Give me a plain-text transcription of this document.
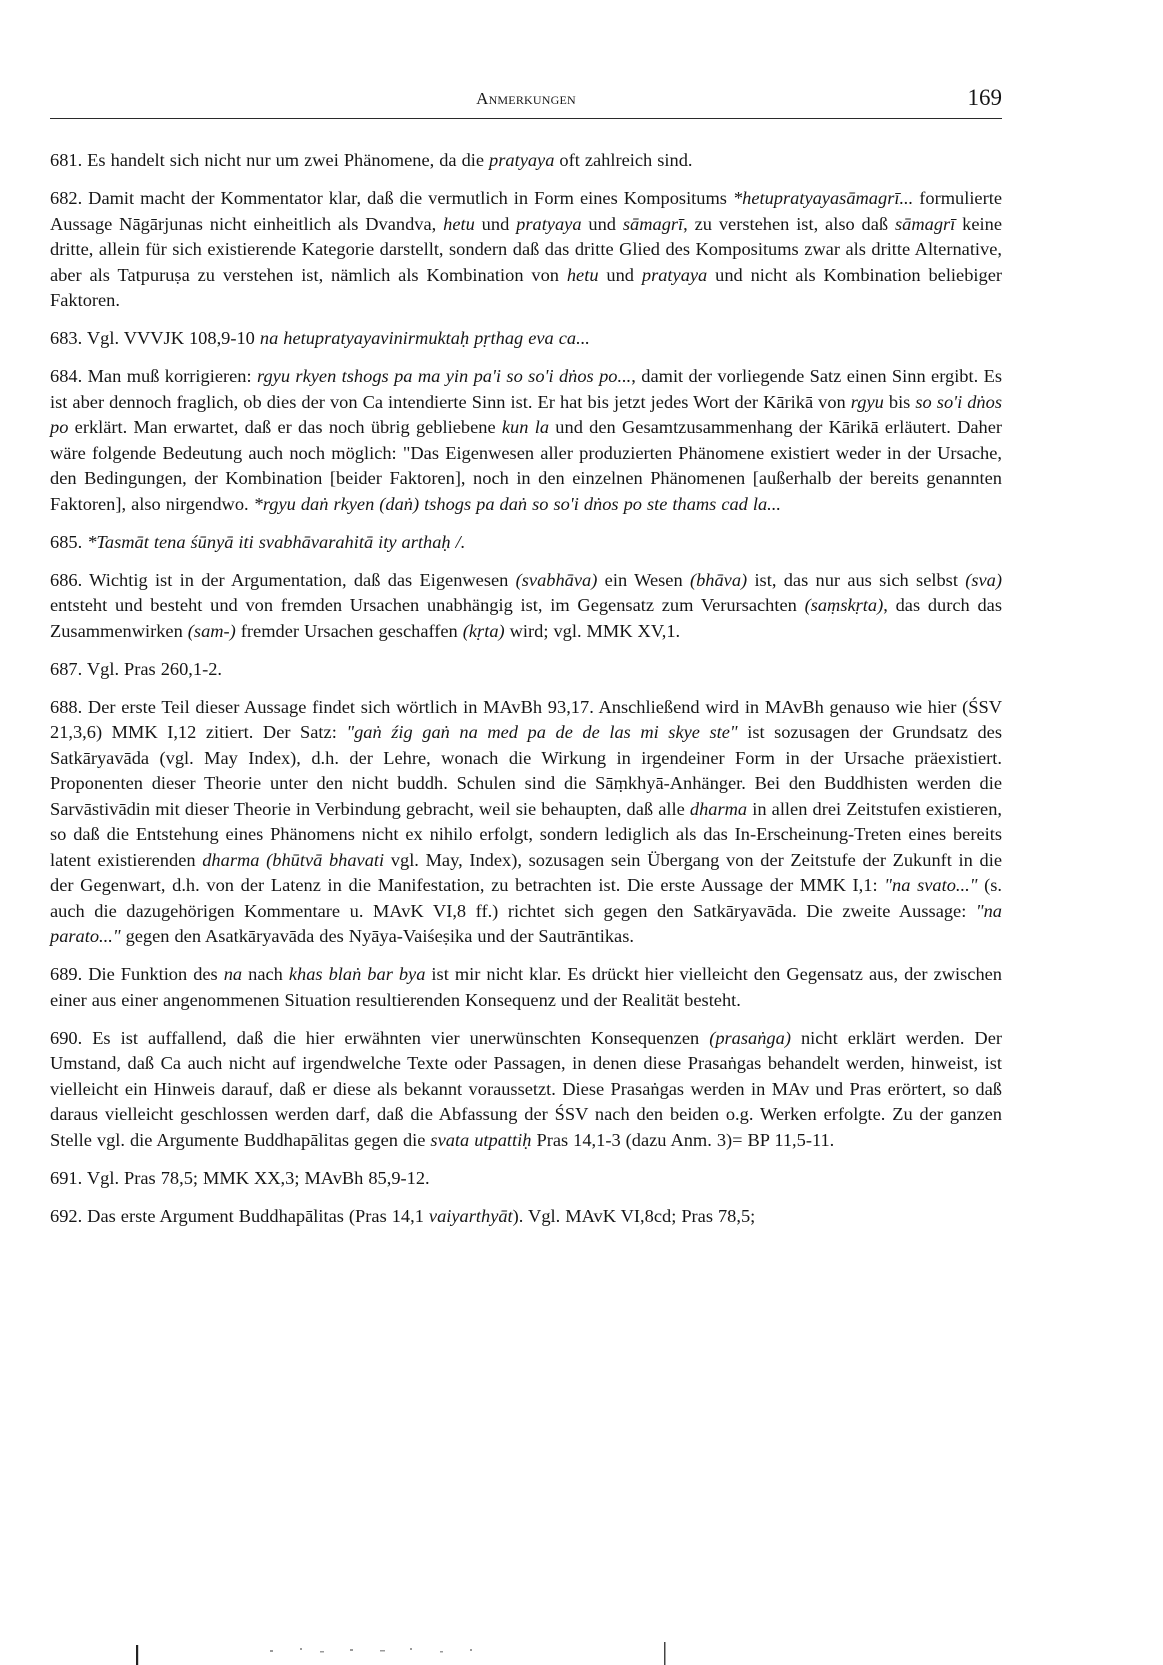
Anmerkungen	169

681. Es handelt sich nicht nur um zwei Phänomene, da die pratyaya oft zahlreich sind.

682. Damit macht der Kommentator klar, daß die vermutlich in Form eines Kompositums *hetupratyayasāmagrī... formulierte Aussage Nāgārjunas nicht einheitlich als Dvandva, hetu und pratyaya und sāmagrī, zu verstehen ist, also daß sāmagrī keine dritte, allein für sich existierende Kategorie darstellt, sondern daß das dritte Glied des Kompositums zwar als dritte Alternative, aber als Tatpuruṣa zu verstehen ist, nämlich als Kombination von hetu und pratyaya und nicht als Kombination beliebiger Faktoren.

683. Vgl. VVVJK 108,9-10 na hetupratyayavinirmuktaḥ pṛthag eva ca...

684. Man muß korrigieren: rgyu rkyen tshogs pa ma yin pa'i so so'i dṅos po..., damit der vorliegende Satz einen Sinn ergibt. Es ist aber dennoch fraglich, ob dies der von Ca intendierte Sinn ist. Er hat bis jetzt jedes Wort der Kārikā von rgyu bis so so'i dṅos po erklärt. Man erwartet, daß er das noch übrig gebliebene kun la und den Gesamtzusammenhang der Kārikā erläutert. Daher wäre folgende Bedeutung auch noch möglich: "Das Eigenwesen aller produzierten Phänomene existiert weder in der Ursache, den Bedingungen, der Kombination [beider Faktoren], noch in den einzelnen Phänomenen [außerhalb der bereits genannten Faktoren], also nirgendwo. *rgyu daṅ rkyen (daṅ) tshogs pa daṅ so so'i dṅos po ste thams cad la...

685. *Tasmāt tena śūnyā iti svabhāvarahitā ity arthaḥ /.

686. Wichtig ist in der Argumentation, daß das Eigenwesen (svabhāva) ein Wesen (bhāva) ist, das nur aus sich selbst (sva) entsteht und besteht und von fremden Ursachen unabhängig ist, im Gegensatz zum Verursachten (saṃskṛta), das durch das Zusammenwirken (sam-) fremder Ursachen geschaffen (kṛta) wird; vgl. MMK XV,1.

687. Vgl. Pras 260,1-2.

688. Der erste Teil dieser Aussage findet sich wörtlich in MAvBh 93,17. Anschließend wird in MAvBh genauso wie hier (ŚSV 21,3,6) MMK I,12 zitiert. Der Satz: "gaṅ źig gaṅ na med pa de de las mi skye ste" ist sozusagen der Grundsatz des Satkāryavāda (vgl. May Index), d.h. der Lehre, wonach die Wirkung in irgendeiner Form in der Ursache präexistiert. Proponenten dieser Theorie unter den nicht buddh. Schulen sind die Sāṃkhyā-Anhänger. Bei den Buddhisten werden die Sarvāstivādin mit dieser Theorie in Verbindung gebracht, weil sie behaupten, daß alle dharma in allen drei Zeitstufen existieren, so daß die Entstehung eines Phänomens nicht ex nihilo erfolgt, sondern lediglich als das In-Erscheinung-Treten eines bereits latent existierenden dharma (bhūtvā bhavati vgl. May, Index), sozusagen sein Übergang von der Zeitstufe der Zukunft in die der Gegenwart, d.h. von der Latenz in die Manifestation, zu betrachten ist. Die erste Aussage der MMK I,1: "na svato..." (s. auch die dazugehörigen Kommentare u. MAvK VI,8 ff.) richtet sich gegen den Satkāryavāda. Die zweite Aussage: "na parato..." gegen den Asatkāryavāda des Nyāya-Vaiśeṣika und der Sautrāntikas.

689. Die Funktion des na nach khas blaṅ bar bya ist mir nicht klar. Es drückt hier vielleicht den Gegensatz aus, der zwischen einer aus einer angenommenen Situation resultierenden Konsequenz und der Realität besteht.

690. Es ist auffallend, daß die hier erwähnten vier unerwünschten Konsequenzen (prasaṅga) nicht erklärt werden. Der Umstand, daß Ca auch nicht auf irgendwelche Texte oder Passagen, in denen diese Prasaṅgas behandelt werden, hinweist, ist vielleicht ein Hinweis darauf, daß er diese als bekannt voraussetzt. Diese Prasaṅgas werden in MAv und Pras erörtert, so daß daraus vielleicht geschlossen werden darf, daß die Abfassung der ŚSV nach den beiden o.g. Werken erfolgte. Zu der ganzen Stelle vgl. die Argumente Buddhapālitas gegen die svata utpattiḥ Pras 14,1-3 (dazu Anm. 3)= BP 11,5-11.

691. Vgl. Pras 78,5; MMK XX,3; MAvBh 85,9-12.

692. Das erste Argument Buddhapālitas (Pras 14,1 vaiyarthyāt). Vgl. MAvK VI,8cd; Pras 78,5;
